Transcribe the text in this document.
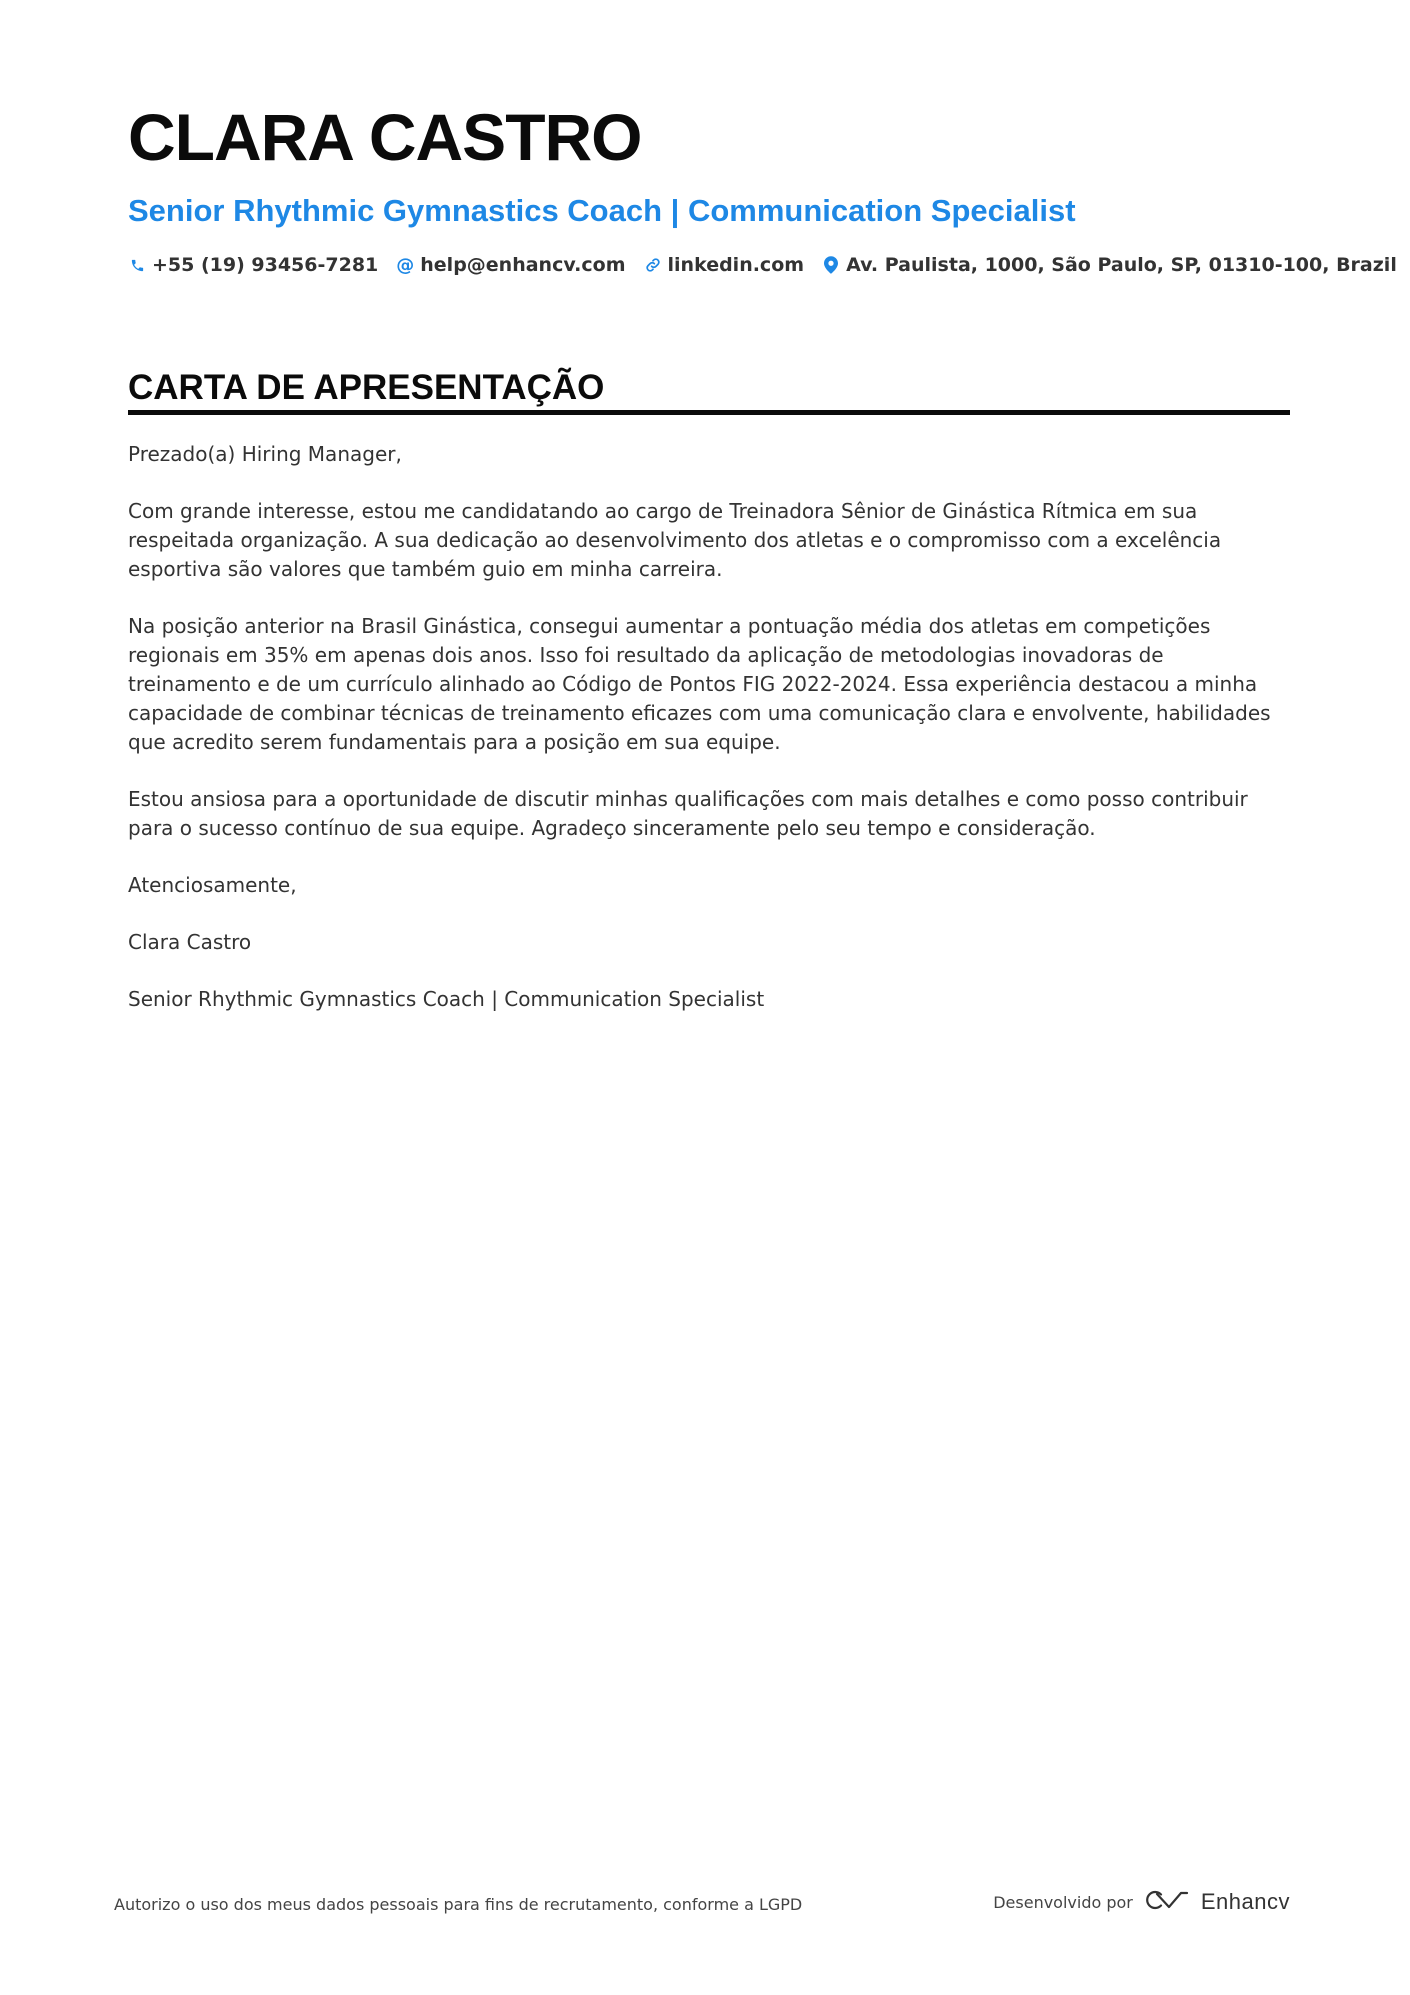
CLARA CASTRO
Senior Rhythmic Gymnastics Coach | Communication Specialist
+55 (19) 93456-7281 @ help@enhancv.com linkedin.com Av. Paulista, 1000, São Paulo, SP, 01310-100, Brazil
CARTA DE APRESENTAÇÃO

Prezado(a) Hiring Manager,

Com grande interesse, estou me candidatando ao cargo de Treinadora Sênior de Ginástica Rítmica em sua respeitada organização. A sua dedicação ao desenvolvimento dos atletas e o compromisso com a excelência esportiva são valores que também guio em minha carreira.

Na posição anterior na Brasil Ginástica, consegui aumentar a pontuação média dos atletas em competições regionais em 35% em apenas dois anos. Isso foi resultado da aplicação de metodologias inovadoras de treinamento e de um currículo alinhado ao Código de Pontos FIG 2022-2024. Essa experiência destacou a minha capacidade de combinar técnicas de treinamento eficazes com uma comunicação clara e envolvente, habilidades que acredito serem fundamentais para a posição em sua equipe.

Estou ansiosa para a oportunidade de discutir minhas qualificações com mais detalhes e como posso contribuir para o sucesso contínuo de sua equipe. Agradeço sinceramente pelo seu tempo e consideração.

Atenciosamente,

Clara Castro

Senior Rhythmic Gymnastics Coach | Communication Specialist

Autorizo o uso dos meus dados pessoais para fins de recrutamento, conforme a LGPD	Desenvolvido por	Enhancv
